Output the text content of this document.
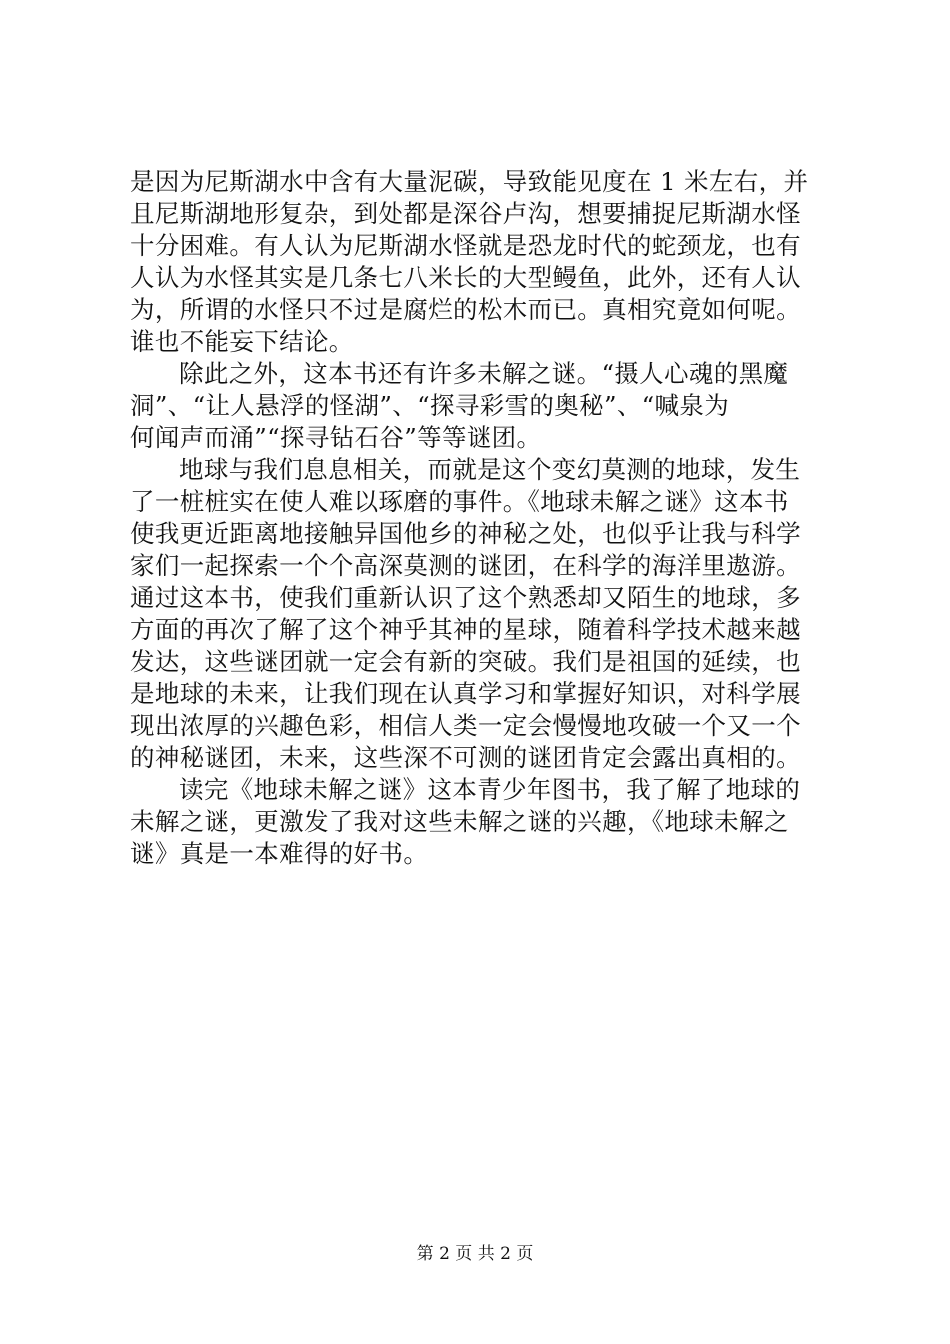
是因为尼斯湖水中含有大量泥碳，导致能见度在 1 米左右，并
且尼斯湖地形复杂，到处都是深谷卢沟，想要捕捉尼斯湖水怪
十分困难。有人认为尼斯湖水怪就是恐龙时代的蛇颈龙，也有
人认为水怪其实是几条七八米长的大型鳗鱼，此外，还有人认
为，所谓的水怪只不过是腐烂的松木而已。真相究竟如何呢。
谁也不能妄下结论。
除此之外，这本书还有许多未解之谜。“摄人心魂的黑魔
洞”、“让人悬浮的怪湖”、“探寻彩雪的奥秘”、“喊泉为
何闻声而涌”“探寻钻石谷”等等谜团。
地球与我们息息相关，而就是这个变幻莫测的地球，发生
了一桩桩实在使人难以琢磨的事件。《地球未解之谜》这本书
使我更近距离地接触异国他乡的神秘之处，也似乎让我与科学
家们一起探索一个个高深莫测的谜团，在科学的海洋里遨游。
通过这本书，使我们重新认识了这个熟悉却又陌生的地球，多
方面的再次了解了这个神乎其神的星球，随着科学技术越来越
发达，这些谜团就一定会有新的突破。我们是祖国的延续，也
是地球的未来，让我们现在认真学习和掌握好知识，对科学展
现出浓厚的兴趣色彩，相信人类一定会慢慢地攻破一个又一个
的神秘谜团，未来，这些深不可测的谜团肯定会露出真相的。
读完《地球未解之谜》这本青少年图书，我了解了地球的
未解之谜，更激发了我对这些未解之谜的兴趣，《地球未解之
谜》真是一本难得的好书。
第 2 页 共 2 页
